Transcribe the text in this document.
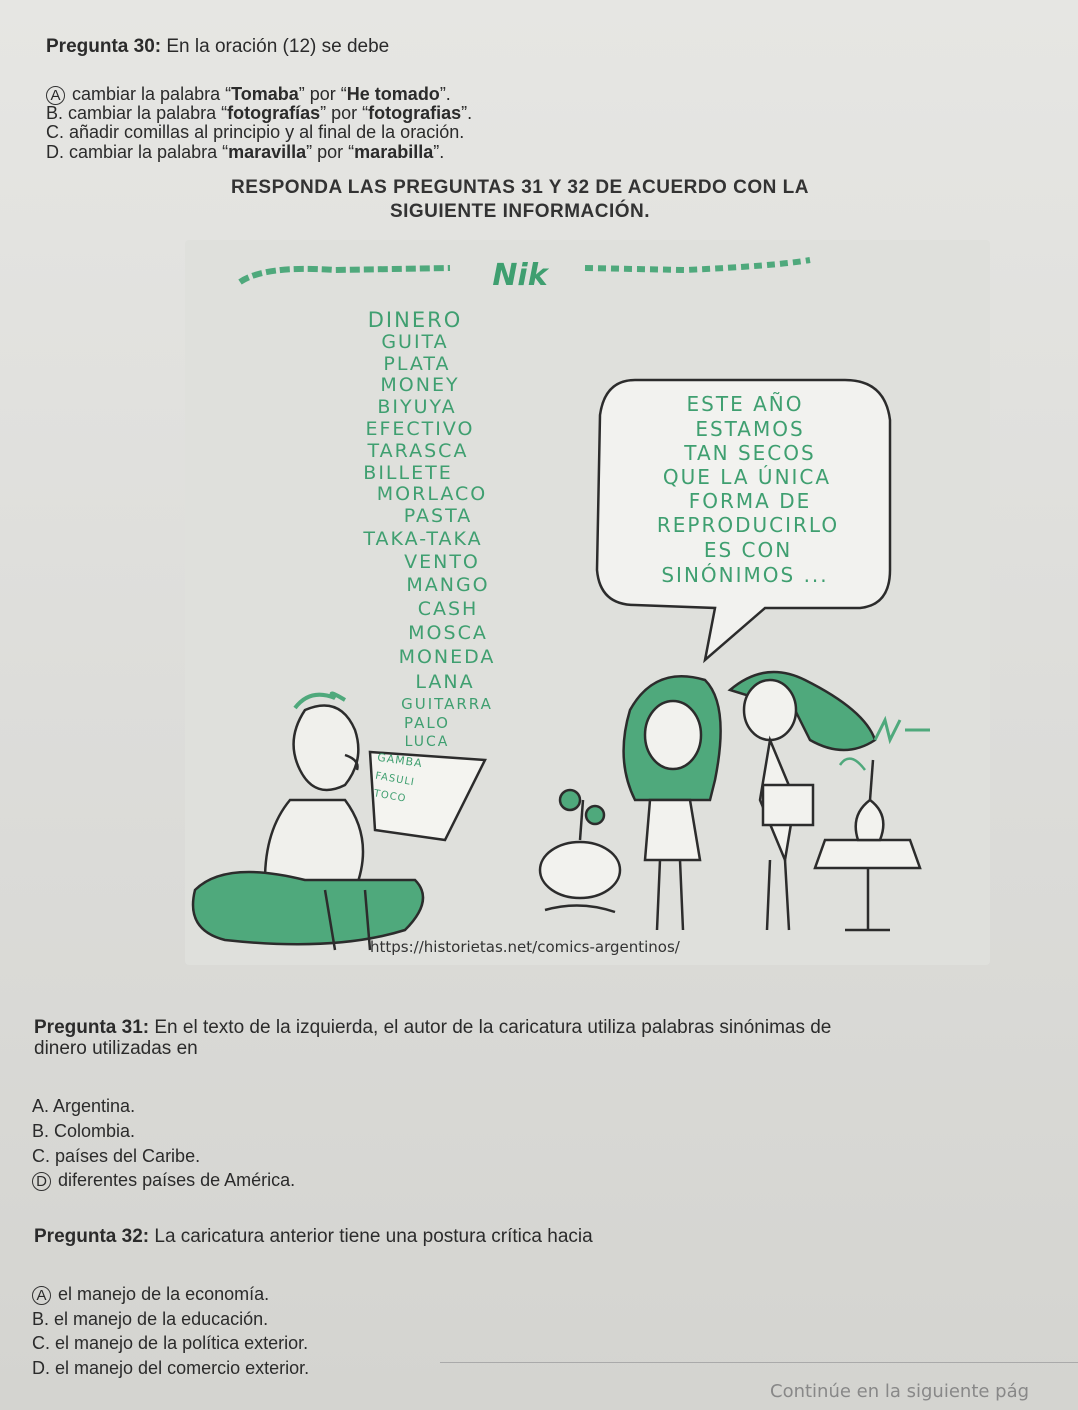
Pregunta 30: En la oración (12) se debe
A cambiar la palabra “Tomaba” por “He tomado”.
B. cambiar la palabra “fotografías” por “fotografias”.
C. añadir comillas al principio y al final de la oración.
D. cambiar la palabra “maravilla” por “marabilla”.
RESPONDA LAS PREGUNTAS 31 Y 32 DE ACUERDO CON LA
SIGUIENTE INFORMACIÓN.
Nik
DINERO
GUITA
PLATA
MONEY
BIYUYA
EFECTIVO
TARASCA
BILLETE
MORLACO
PASTA
TAKA-TAKA
VENTO
MANGO
CASH
MOSCA
MONEDA
LANA
GUITARRA
PALO
LUCA
GAMBA
FASULI
TOCO
ESTE AÑO
ESTAMOS
TAN SECOS
QUE LA ÚNICA
FORMA DE
REPRODUCIRLO
ES CON
SINÓNIMOS ...
https://historietas.net/comics-argentinos/
Pregunta 31: En el texto de la izquierda, el autor de la caricatura utiliza palabras sinónimas de
dinero utilizadas en
A. Argentina.
B. Colombia.
C. países del Caribe.
D diferentes países de América.
Pregunta 32: La caricatura anterior tiene una postura crítica hacia
A el manejo de la economía.
B. el manejo de la educación.
C. el manejo de la política exterior.
D. el manejo del comercio exterior.
Continúe en la siguiente pág
